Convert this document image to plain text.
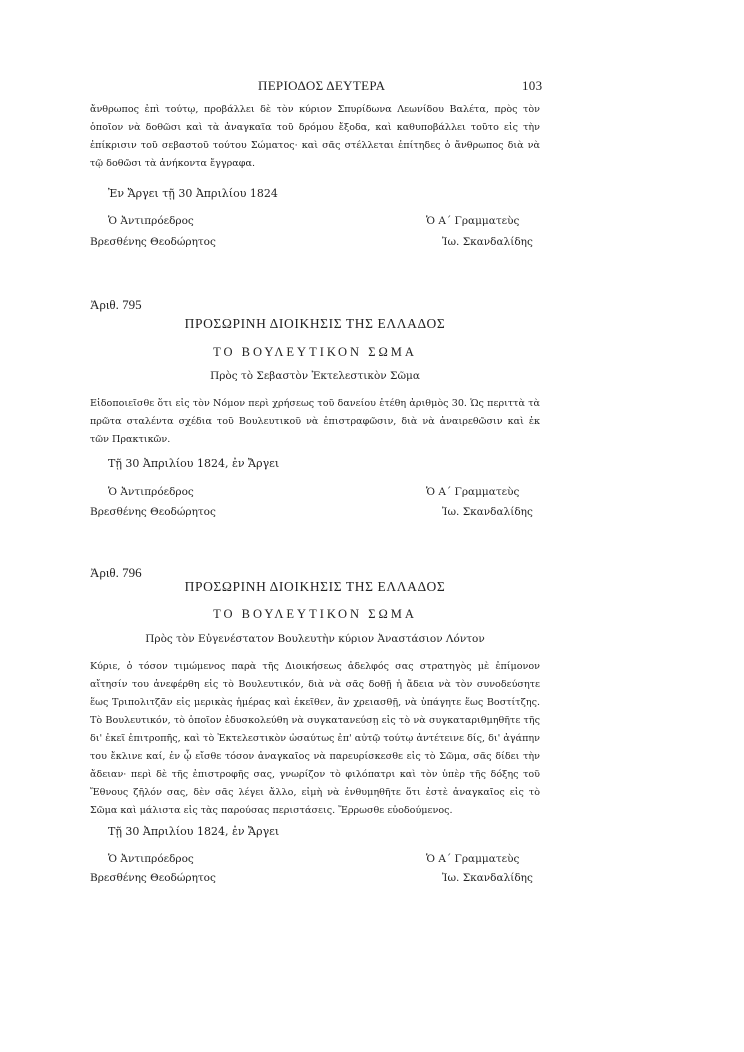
ΠΕΡΙΟΔΟΣ ΔΕΥΤΕΡΑ	103

ἄνθρωπος ἐπὶ τούτῳ, προβάλλει δὲ τὸν κύριον Σπυρίδωνα Λεωνίδου Βαλέτα, πρὸς τὸν ὁποῖον νὰ δοθῶσι καὶ τὰ ἀναγκαῖα τοῦ δρόμου ἔξοδα, καὶ καθυποβάλλει τοῦτο εἰς τὴν ἐπίκρισιν τοῦ σεβαστοῦ τούτου Σώματος· καὶ σᾶς στέλλεται ἐπίτηδες ὁ ἄνθρωπος διὰ νὰ τῷ δοθῶσι τὰ ἀνήκοντα ἔγγραφα.

Ἐν Ἄργει τῇ 30 Ἀπριλίου 1824
Ὁ Ἀντιπρόεδρος
Βρεσθένης Θεοδώρητος
Ὁ Α΄ Γραμματεὺς
Ἰω. Σκανδαλίδης
Ἀριθ. 795
ΠΡΟΣΩΡΙΝΗ ΔΙΟΙΚΗΣΙΣ ΤΗΣ ΕΛΛΑΔΟΣ
ΤΟ ΒΟΥΛΕΥΤΙΚΟΝ ΣΩΜΑ
Πρὸς τὸ Σεβαστὸν Ἐκτελεστικὸν Σῶμα

Εἰδοποιεῖσθε ὅτι εἰς τὸν Νόμον περὶ χρήσεως τοῦ δανείου ἐτέθη ἀριθμὸς 30. Ὡς περιττὰ τὰ πρῶτα σταλέντα σχέδια τοῦ Βουλευτικοῦ νὰ ἐπιστραφῶσιν, διὰ νὰ ἀναιρεθῶσιν καὶ ἐκ τῶν Πρακτικῶν.

Τῇ 30 Ἀπριλίου 1824, ἐν Ἄργει
Ὁ Ἀντιπρόεδρος
Βρεσθένης Θεοδώρητος
Ὁ Α΄ Γραμματεὺς
Ἰω. Σκανδαλίδης
Ἀριθ. 796
ΠΡΟΣΩΡΙΝΗ ΔΙΟΙΚΗΣΙΣ ΤΗΣ ΕΛΛΑΔΟΣ
ΤΟ ΒΟΥΛΕΥΤΙΚΟΝ ΣΩΜΑ
Πρὸς τὸν Εὐγενέστατον Βουλευτὴν κύριον Ἀναστάσιον Λόντον

Κύριε, ὁ τόσον τιμώμενος παρὰ τῆς Διοικήσεως ἀδελφός σας στρατηγὸς μὲ ἐπίμονον αἴτησίν του ἀνεφέρθη εἰς τὸ Βουλευτικόν, διὰ νὰ σᾶς δοθῇ ἡ ἄδεια νὰ τὸν συνοδεύσητε ἕως Τριπολιτζᾶν εἰς μερικὰς ἡμέρας καὶ ἐκεῖθεν, ἂν χρειασθῇ, νὰ ὑπάγητε ἕως Βοστίτζης. Τὸ Βουλευτικόν, τὸ ὁποῖον ἐδυσκολεύθη νὰ συγκατανεύσῃ εἰς τὸ νὰ συγκαταριθμηθῆτε τῆς δι' ἐκεῖ ἐπιτροπῆς, καὶ τὸ Ἐκτελεστικὸν ὡσαύτως ἐπ' αὐτῷ τούτῳ ἀντέτεινε δίς, δι' ἀγάπην του ἔκλινε καί, ἐν ᾧ εἴσθε τόσον ἀναγκαῖος νὰ παρευρίσκεσθε εἰς τὸ Σῶμα, σᾶς δίδει τὴν ἄδειαν· περὶ δὲ τῆς ἐπιστροφῆς σας, γνωρίζον τὸ φιλόπατρι καὶ τὸν ὑπὲρ τῆς δόξης τοῦ Ἔθνους ζῆλόν σας, δὲν σᾶς λέγει ἄλλο, εἰμὴ νὰ ἐνθυμηθῆτε ὅτι ἐστὲ ἀναγκαῖος εἰς τὸ Σῶμα καὶ μάλιστα εἰς τὰς παρούσας περιστάσεις. Ἔρρωσθε εὐοδούμενος.

Τῇ 30 Ἀπριλίου 1824, ἐν Ἄργει
Ὁ Ἀντιπρόεδρος
Βρεσθένης Θεοδώρητος
Ὁ Α΄ Γραμματεὺς
Ἰω. Σκανδαλίδης
